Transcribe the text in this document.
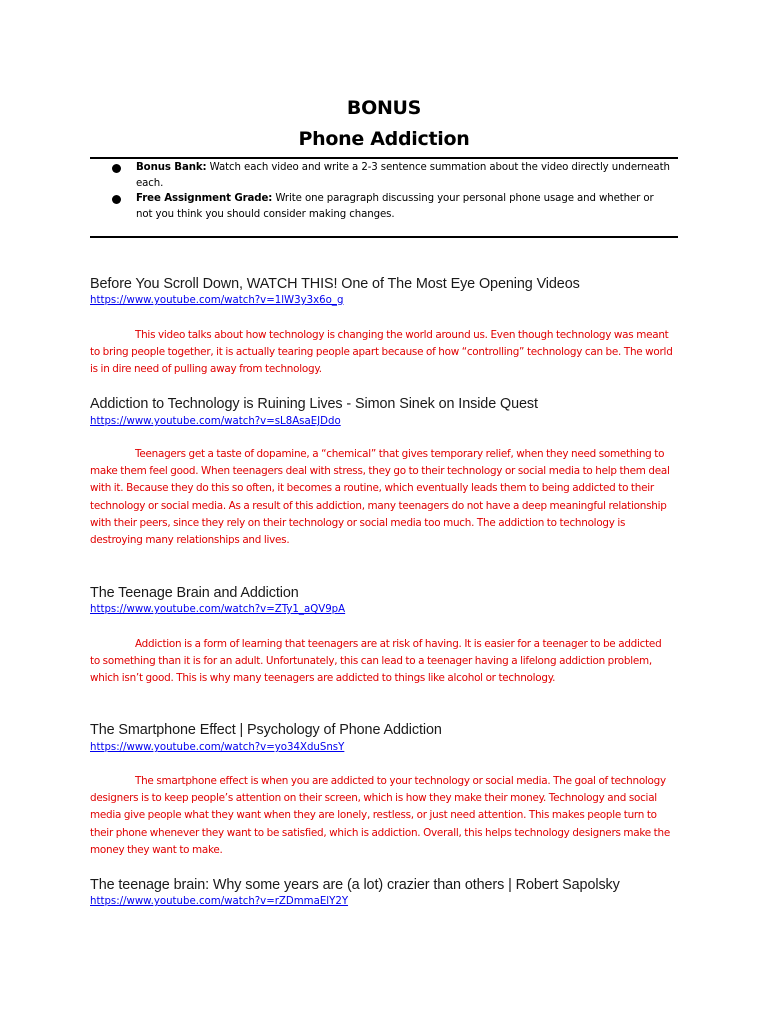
BONUS
Phone Addiction
Bonus Bank: Watch each video and write a 2-3 sentence summation about the video directly underneath each.
Free Assignment Grade: Write one paragraph discussing your personal phone usage and whether or not you think you should consider making changes.
Before You Scroll Down, WATCH THIS! One of The Most Eye Opening Videos
https://www.youtube.com/watch?v=1lW3y3x6o_g
This video talks about how technology is changing the world around us. Even though technology was meant to bring people together, it is actually tearing people apart because of how “controlling” technology can be. The world is in dire need of pulling away from technology.
Addiction to Technology is Ruining Lives - Simon Sinek on Inside Quest
https://www.youtube.com/watch?v=sL8AsaEJDdo
Teenagers get a taste of dopamine, a “chemical” that gives temporary relief, when they need something to make them feel good. When teenagers deal with stress, they go to their technology or social media to help them deal with it. Because they do this so often, it becomes a routine, which eventually leads them to being addicted to their technology or social media. As a result of this addiction, many teenagers do not have a deep meaningful relationship with their peers, since they rely on their technology or social media too much. The addiction to technology is destroying many relationships and lives.
The Teenage Brain and Addiction
https://www.youtube.com/watch?v=ZTy1_aQV9pA
Addiction is a form of learning that teenagers are at risk of having. It is easier for a teenager to be addicted to something than it is for an adult. Unfortunately, this can lead to a teenager having a lifelong addiction problem, which isn’t good. This is why many teenagers are addicted to things like alcohol or technology.
The Smartphone Effect | Psychology of Phone Addiction
https://www.youtube.com/watch?v=yo34XduSnsY
The smartphone effect is when you are addicted to your technology or social media. The goal of technology designers is to keep people’s attention on their screen, which is how they make their money. Technology and social media give people what they want when they are lonely, restless, or just need attention. This makes people turn to their phone whenever they want to be satisfied, which is addiction. Overall, this helps technology designers make the money they want to make.
The teenage brain: Why some years are (a lot) crazier than others | Robert Sapolsky
https://www.youtube.com/watch?v=rZDmmaElY2Y
